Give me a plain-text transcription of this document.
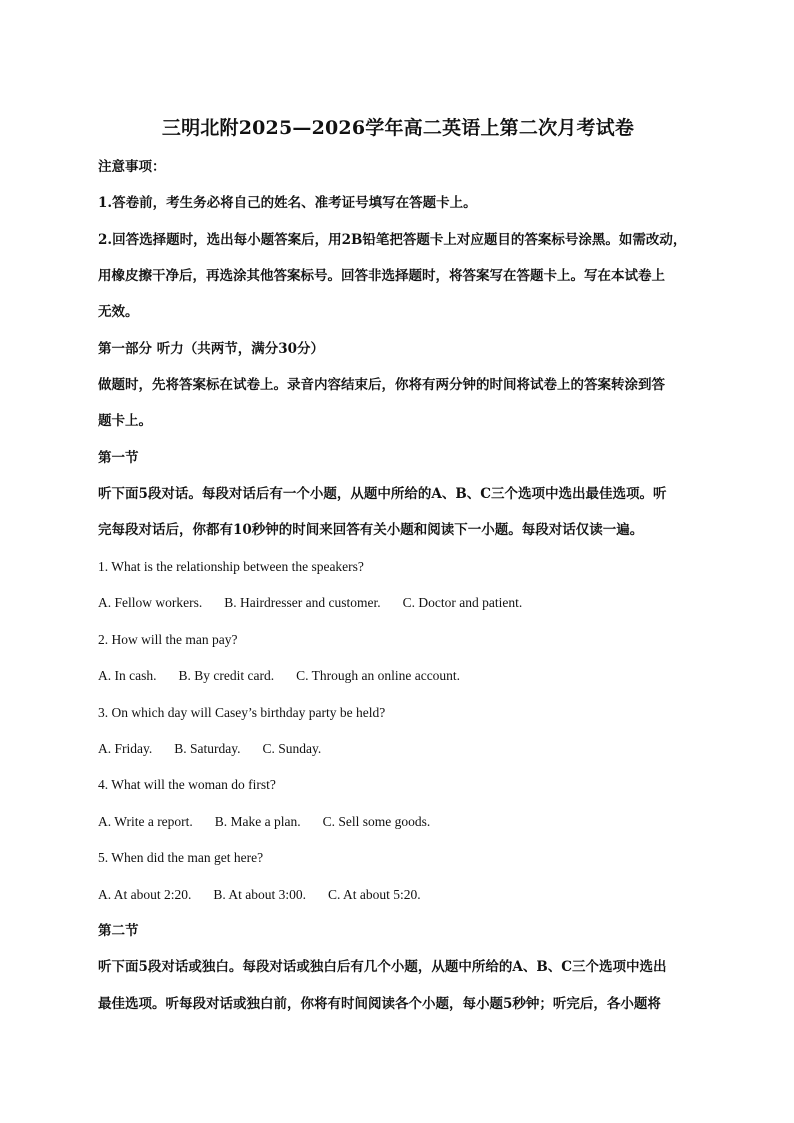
三明北附2025—2026学年高二英语上第二次月考试卷
注意事项：
1.答卷前，考生务必将自己的姓名、准考证号填写在答题卡上。
2.回答选择题时，选出每小题答案后，用2B铅笔把答题卡上对应题目的答案标号涂黑。如需改动，
用橡皮擦干净后，再选涂其他答案标号。回答非选择题时，将答案写在答题卡上。写在本试卷上
无效。
第一部分 听力（共两节，满分30分）
做题时，先将答案标在试卷上。录音内容结束后，你将有两分钟的时间将试卷上的答案转涂到答
题卡上。
第一节
听下面5段对话。每段对话后有一个小题，从题中所给的A、B、C三个选项中选出最佳选项。听
完每段对话后，你都有10秒钟的时间来回答有关小题和阅读下一小题。每段对话仅读一遍。
1. What is the relationship between the speakers?
A. Fellow workers. B. Hairdresser and customer. C. Doctor and patient.
2. How will the man pay?
A. In cash. B. By credit card. C. Through an online account.
3. On which day will Casey’s birthday party be held?
A. Friday. B. Saturday. C. Sunday.
4. What will the woman do first?
A. Write a report. B. Make a plan. C. Sell some goods.
5. When did the man get here?
A. At about 2:20. B. At about 3:00. C. At about 5:20.
第二节
听下面5段对话或独白。每段对话或独白后有几个小题，从题中所给的A、B、C三个选项中选出
最佳选项。听每段对话或独白前，你将有时间阅读各个小题，每小题5秒钟；听完后，各小题将
